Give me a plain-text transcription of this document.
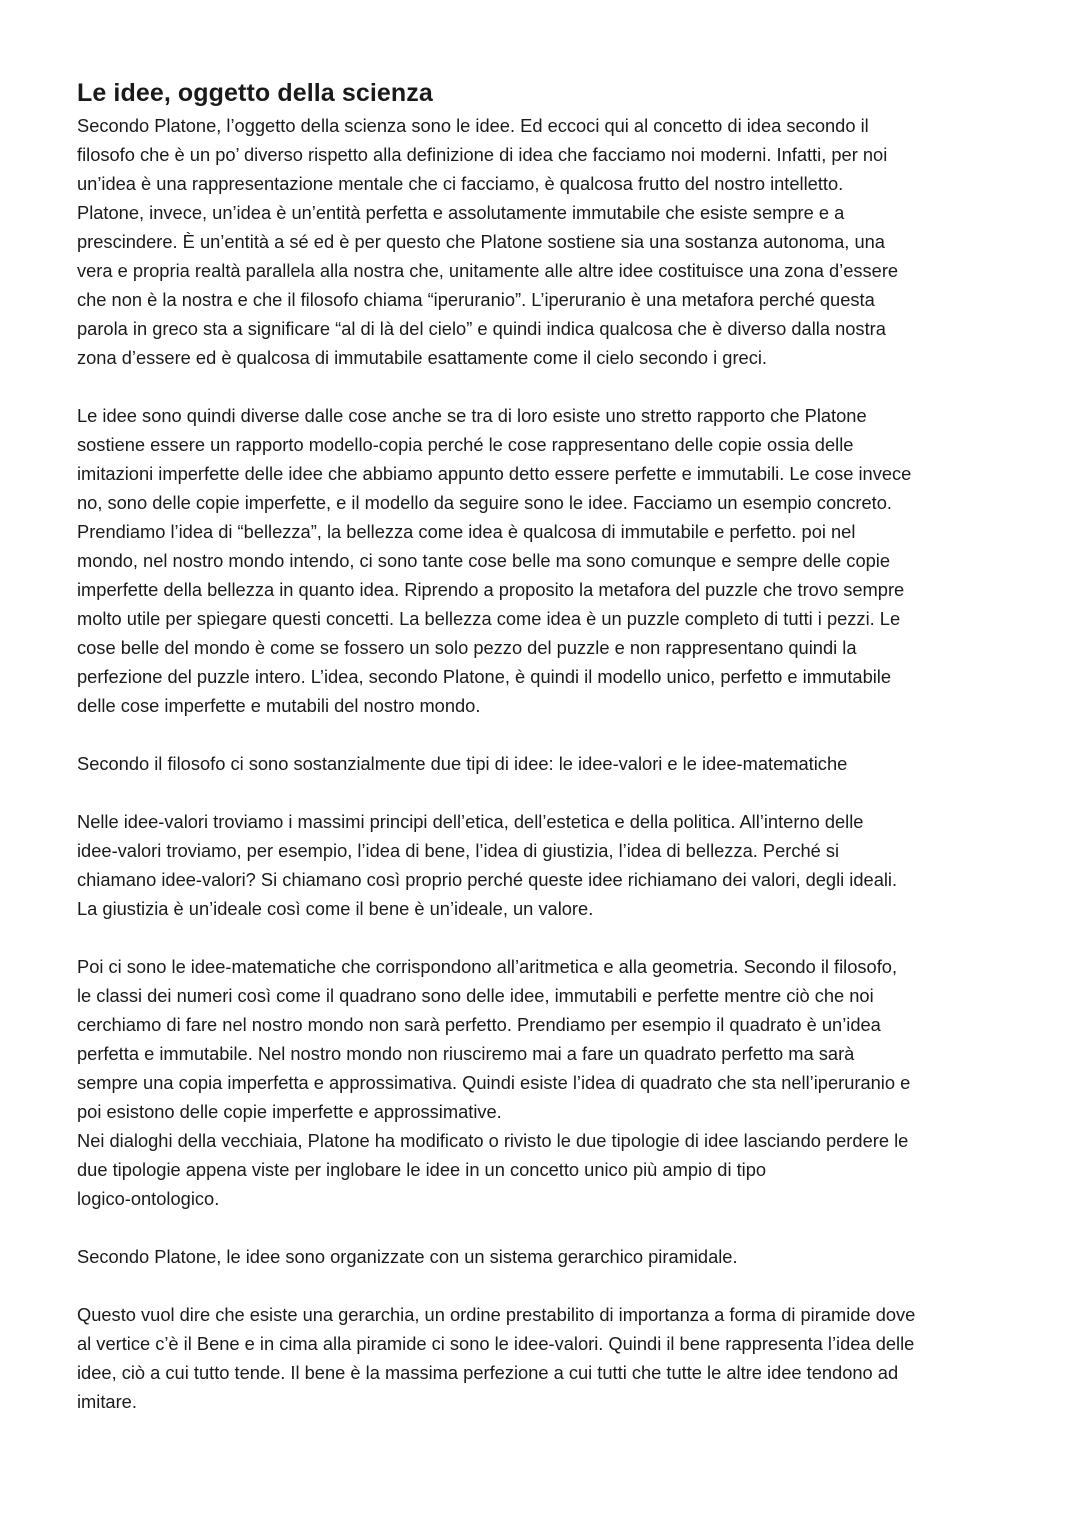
Le idee, oggetto della scienza

Secondo Platone, l’oggetto della scienza sono le idee. Ed eccoci qui al concetto di idea secondo il
filosofo che è un po’ diverso rispetto alla definizione di idea che facciamo noi moderni. Infatti, per noi
un’idea è una rappresentazione mentale che ci facciamo, è qualcosa frutto del nostro intelletto.
Platone, invece, un’idea è un’entità perfetta e assolutamente immutabile che esiste sempre e a
prescindere. È un’entità a sé ed è per questo che Platone sostiene sia una sostanza autonoma, una
vera e propria realtà parallela alla nostra che, unitamente alle altre idee costituisce una zona d’essere
che non è la nostra e che il filosofo chiama “iperuranio”. L’iperuranio è una metafora perché questa
parola in greco sta a significare “al di là del cielo” e quindi indica qualcosa che è diverso dalla nostra
zona d’essere ed è qualcosa di immutabile esattamente come il cielo secondo i greci.

Le idee sono quindi diverse dalle cose anche se tra di loro esiste uno stretto rapporto che Platone
sostiene essere un rapporto modello-copia perché le cose rappresentano delle copie ossia delle
imitazioni imperfette delle idee che abbiamo appunto detto essere perfette e immutabili. Le cose invece
no, sono delle copie imperfette, e il modello da seguire sono le idee. Facciamo un esempio concreto.
Prendiamo l’idea di “bellezza”, la bellezza come idea è qualcosa di immutabile e perfetto. poi nel
mondo, nel nostro mondo intendo, ci sono tante cose belle ma sono comunque e sempre delle copie
imperfette della bellezza in quanto idea. Riprendo a proposito la metafora del puzzle che trovo sempre
molto utile per spiegare questi concetti. La bellezza come idea è un puzzle completo di tutti i pezzi. Le
cose belle del mondo è come se fossero un solo pezzo del puzzle e non rappresentano quindi la
perfezione del puzzle intero. L’idea, secondo Platone, è quindi il modello unico, perfetto e immutabile
delle cose imperfette e mutabili del nostro mondo.

Secondo il filosofo ci sono sostanzialmente due tipi di idee: le idee-valori e le idee-matematiche

Nelle idee-valori troviamo i massimi principi dell’etica, dell’estetica e della politica. All’interno delle
idee-valori troviamo, per esempio, l’idea di bene, l’idea di giustizia, l’idea di bellezza. Perché si
chiamano idee-valori? Si chiamano così proprio perché queste idee richiamano dei valori, degli ideali.
La giustizia è un’ideale così come il bene è un’ideale, un valore.

Poi ci sono le idee-matematiche che corrispondono all’aritmetica e alla geometria. Secondo il filosofo,
le classi dei numeri così come il quadrano sono delle idee, immutabili e perfette mentre ciò che noi
cerchiamo di fare nel nostro mondo non sarà perfetto. Prendiamo per esempio il quadrato è un’idea
perfetta e immutabile. Nel nostro mondo non riusciremo mai a fare un quadrato perfetto ma sarà
sempre una copia imperfetta e approssimativa. Quindi esiste l’idea di quadrato che sta nell’iperuranio e
poi esistono delle copie imperfette e approssimative.
Nei dialoghi della vecchiaia, Platone ha modificato o rivisto le due tipologie di idee lasciando perdere le
due tipologie appena viste per inglobare le idee in un concetto unico più ampio di tipo
logico-ontologico.

Secondo Platone, le idee sono organizzate con un sistema gerarchico piramidale.

Questo vuol dire che esiste una gerarchia, un ordine prestabilito di importanza a forma di piramide dove
al vertice c’è il Bene e in cima alla piramide ci sono le idee-valori. Quindi il bene rappresenta l’idea delle
idee, ciò a cui tutto tende. Il bene è la massima perfezione a cui tutti che tutte le altre idee tendono ad
imitare.
